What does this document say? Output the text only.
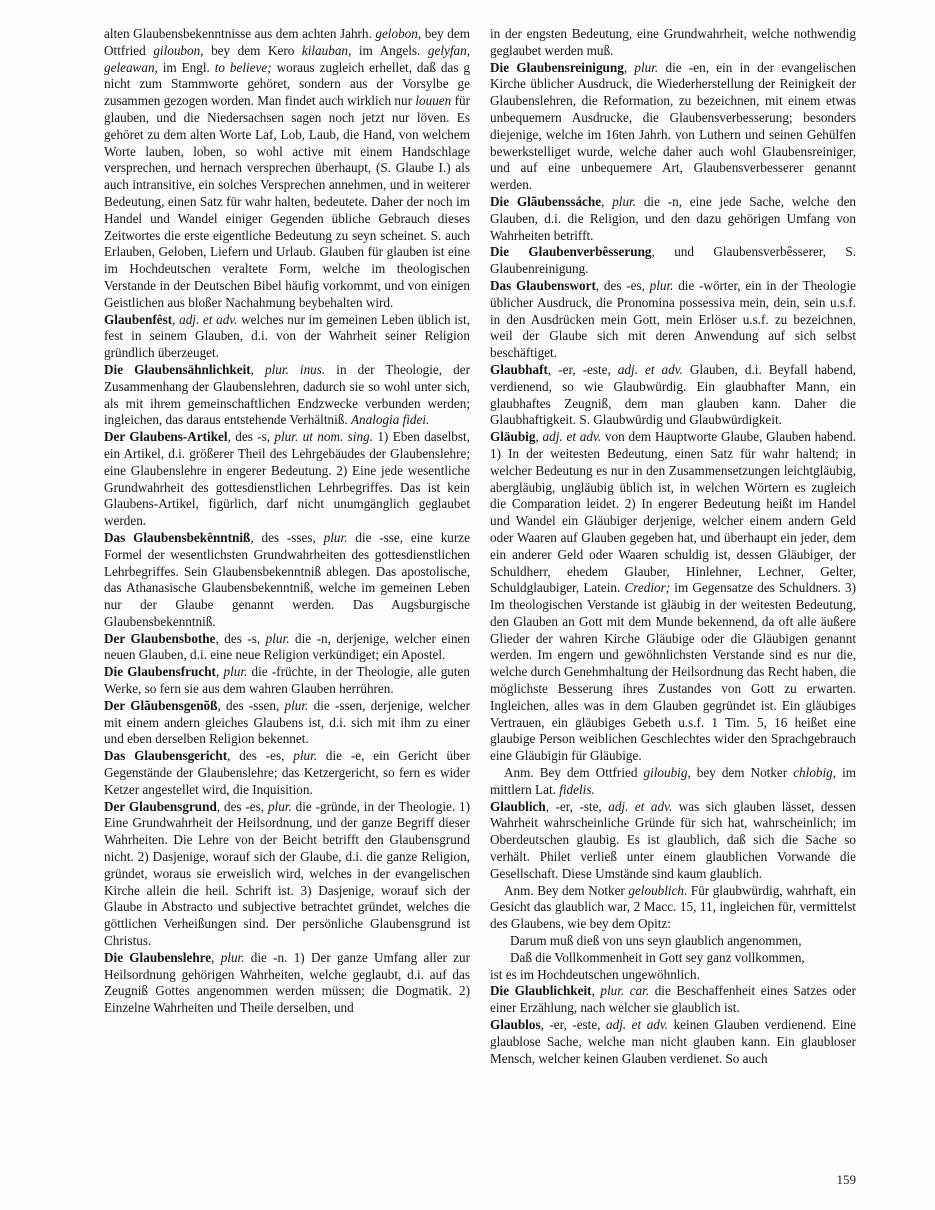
alten Glaubensbekenntnisse aus dem achten Jahrh. gelobon, bey dem Ottfried giloubon, bey dem Kero kilauban, im Angels. gelyfan, geleawan, im Engl. to believe; woraus zugleich erhellet, daß das g nicht zum Stammworte gehöret, sondern aus der Vorsylbe ge zusammen gezogen worden. Man findet auch wirklich nur louuen für glauben, und die Niedersachsen sagen noch jetzt nur löven. Es gehöret zu dem alten Worte Laf, Lob, Laub, die Hand, von welchem Worte lauben, loben, so wohl active mit einem Handschlage versprechen, und hernach versprechen überhaupt, (S. Glaube I.) als auch intransitive, ein solches Versprechen annehmen, und in weiterer Bedeutung, einen Satz für wahr halten, bedeutete. Daher der noch im Handel und Wandel einiger Gegenden übliche Gebrauch dieses Zeitwortes die erste eigentliche Bedeutung zu seyn scheinet. S. auch Erlauben, Geloben, Liefern und Urlaub. Glauben für glauben ist eine im Hochdeutschen veraltete Form, welche im theologischen Verstande in der Deutschen Bibel häufig vorkommt, und von einigen Geistlichen aus bloßer Nachahmung beybehalten wird.

Glaubenfêst, adj. et adv. welches nur im gemeinen Leben üblich ist, fest in seinem Glauben, d.i. von der Wahrheit seiner Religion gründlich überzeuget.

Die Glaubensähnlichkeit, plur. inus. in der Theologie, der Zusammenhang der Glaubenslehren, dadurch sie so wohl unter sich, als mit ihrem gemeinschaftlichen Endzwecke verbunden werden; ingleichen, das daraus entstehende Verhältniß. Analogia fidei.

Der Glaubens-Artikel, des -s, plur. ut nom. sing. 1) Eben daselbst, ein Artikel, d.i. größerer Theil des Lehrgebäudes der Glaubenslehre; eine Glaubenslehre in engerer Bedeutung. 2) Eine jede wesentliche Grundwahrheit des gottesdienstlichen Lehrbegriffes. Das ist kein Glaubens-Artikel, figürlich, darf nicht unumgänglich geglaubet werden.

Das Glaubensbekênntniß, des -sses, plur. die -sse, eine kurze Formel der wesentlichsten Grundwahrheiten des gottesdienstlichen Lehrbegriffes. Sein Glaubensbekenntniß ablegen. Das apostolische, das Athanasische Glaubensbekenntniß, welche im gemeinen Leben nur der Glaube genannt werden. Das Augsburgische Glaubensbekenntniß.

Der Glaubensbothe, des -s, plur. die -n, derjenige, welcher einen neuen Glauben, d.i. eine neue Religion verkündiget; ein Apostel.

Die Glaubensfrucht, plur. die -früchte, in der Theologie, alle guten Werke, so fern sie aus dem wahren Glauben herrühren.

Der Glãubensgenõß, des -ssen, plur. die -ssen, derjenige, welcher mit einem andern gleiches Glaubens ist, d.i. sich mit ihm zu einer und eben derselben Religion bekennet.

Das Glaubensgericht, des -es, plur. die -e, ein Gericht über Gegenstände der Glaubenslehre; das Ketzergericht, so fern es wider Ketzer angestellet wird, die Inquisition.

Der Glaubensgrund, des -es, plur. die -gründe, in der Theologie. 1) Eine Grundwahrheit der Heilsordnung, und der ganze Begriff dieser Wahrheiten. Die Lehre von der Beicht betrifft den Glaubensgrund nicht. 2) Dasjenige, worauf sich der Glaube, d.i. die ganze Religion, gründet, woraus sie erweislich wird, welches in der evangelischen Kirche allein die heil. Schrift ist. 3) Dasjenige, worauf sich der Glaube in Abstracto und subjective betrachtet gründet, welches die göttlichen Verheißungen sind. Der persönliche Glaubensgrund ist Christus.

Die Glaubenslehre, plur. die -n. 1) Der ganze Umfang aller zur Heilsordnung gehörigen Wahrheiten, welche geglaubt, d.i. auf das Zeugniß Gottes angenommen werden müssen; die Dogmatik. 2) Einzelne Wahrheiten und Theile derselben, und

in der engsten Bedeutung, eine Grundwahrheit, welche nothwendig geglaubet werden muß.

Die Glaubensreinigung, plur. die -en, ein in der evangelischen Kirche üblicher Ausdruck, die Wiederherstellung der Reinigkeit der Glaubenslehren, die Reformation, zu bezeichnen, mit einem etwas unbequemern Ausdrucke, die Glaubensverbesserung; besonders diejenige, welche im 16ten Jahrh. von Luthern und seinen Gehülfen bewerkstelliget wurde, welche daher auch wohl Glaubensreiniger, und auf eine unbequemere Art, Glaubensverbesserer genannt werden.

Die Glãubenssáche, plur. die -n, eine jede Sache, welche den Glauben, d.i. die Religion, und den dazu gehörigen Umfang von Wahrheiten betrifft.

Die Glaubenverbêsserung, und Glaubensverbêsserer, S. Glaubenreinigung.

Das Glaubenswort, des -es, plur. die -wörter, ein in der Theologie üblicher Ausdruck, die Pronomina possessiva mein, dein, sein u.s.f. in den Ausdrücken mein Gott, mein Erlöser u.s.f. zu bezeichnen, weil der Glaube sich mit deren Anwendung auf sich selbst beschäftiget.

Glaubhaft, -er, -este, adj. et adv. Glauben, d.i. Beyfall habend, verdienend, so wie Glaubwürdig. Ein glaubhafter Mann, ein glaubhaftes Zeugniß, dem man glauben kann. Daher die Glaubhaftigkeit. S. Glaubwürdig und Glaubwürdigkeit.

Gläubig, adj. et adv. von dem Hauptworte Glaube, Glauben habend. 1) In der weitesten Bedeutung, einen Satz für wahr haltend; in welcher Bedeutung es nur in den Zusammensetzungen leichtgläubig, abergläubig, ungläubig üblich ist, in welchen Wörtern es zugleich die Comparation leidet. 2) In engerer Bedeutung heißt im Handel und Wandel ein Gläubiger derjenige, welcher einem andern Geld oder Waaren auf Glauben gegeben hat, und überhaupt ein jeder, dem ein anderer Geld oder Waaren schuldig ist, dessen Gläubiger, der Schuldherr, ehedem Glauber, Hinlehner, Lechner, Gelter, Schuldglaubiger, Latein. Credior; im Gegensatze des Schuldners. 3) Im theologischen Verstande ist gläubig in der weitesten Bedeutung, den Glauben an Gott mit dem Munde bekennend, da oft alle äußere Glieder der wahren Kirche Gläubige oder die Gläubigen genannt werden. Im engern und gewöhnlichsten Verstande sind es nur die, welche durch Genehmhaltung der Heilsordnung das Recht haben, die möglichste Besserung ihres Zustandes von Gott zu erwarten. Ingleichen, alles was in dem Glauben gegründet ist. Ein gläubiges Vertrauen, ein gläubiges Gebeth u.s.f. 1 Tim. 5, 16 heißet eine glaubige Person weiblichen Geschlechtes wider den Sprachgebrauch eine Gläubigin für Gläubige.

Anm. Bey dem Ottfried giloubig, bey dem Notker chlobig, im mittlern Lat. fidelis.

Glaublich, -er, -ste, adj. et adv. was sich glauben lässet, dessen Wahrheit wahrscheinliche Gründe für sich hat, wahrscheinlich; im Oberdeutschen glaubig. Es ist glaublich, daß sich die Sache so verhält. Philet verließ unter einem glaublichen Vorwande die Gesellschaft. Diese Umstände sind kaum glaublich.

Anm. Bey dem Notker geloublich. Für glaubwürdig, wahrhaft, ein Gesicht das glaublich war, 2 Macc. 15, 11, ingleichen für, vermittelst des Glaubens, wie bey dem Opitz:

Darum muß dieß von uns seyn glaublich angenommen,

Daß die Vollkommenheit in Gott sey ganz vollkommen,

ist es im Hochdeutschen ungewöhnlich.

Die Glaublichkeit, plur. car. die Beschaffenheit eines Satzes oder einer Erzählung, nach welcher sie glaublich ist.

Glaublos, -er, -este, adj. et adv. keinen Glauben verdienend. Eine glaublose Sache, welche man nicht glauben kann. Ein glaubloser Mensch, welcher keinen Glauben verdienet. So auch

159
